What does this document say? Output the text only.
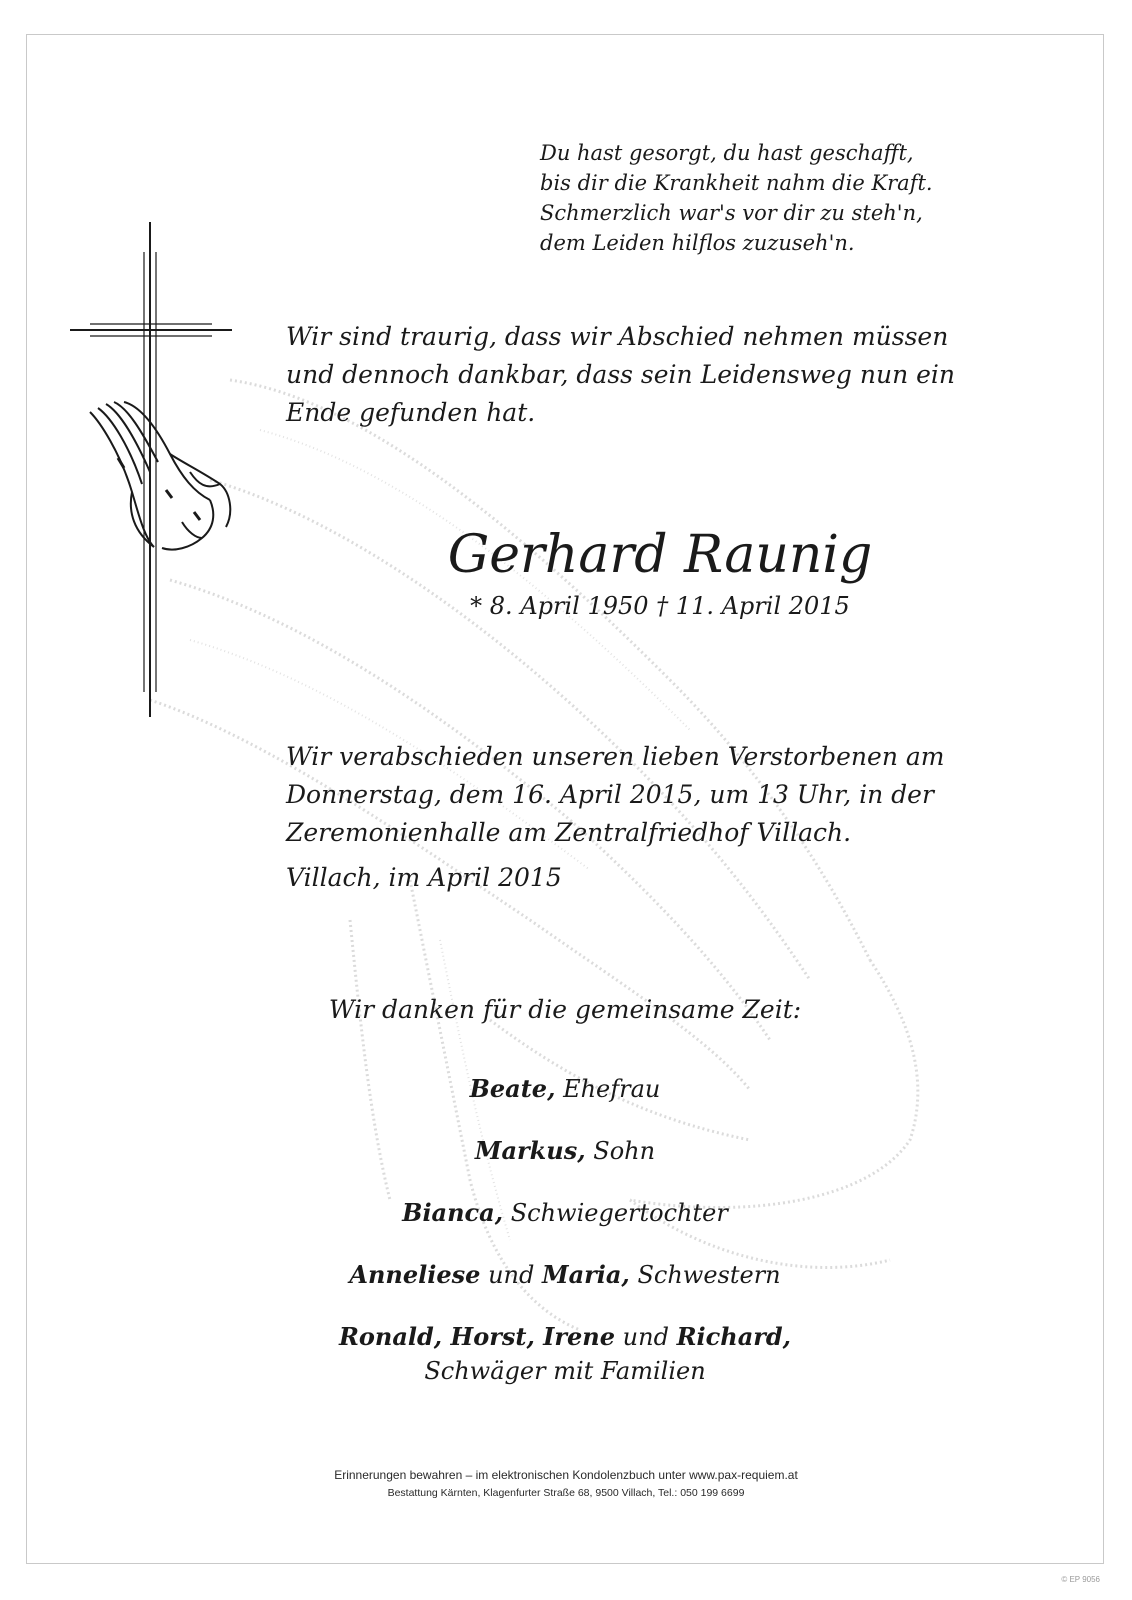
Du hast gesorgt, du hast geschafft,
bis dir die Krankheit nahm die Kraft.
Schmerzlich war's vor dir zu steh'n,
dem Leiden hilflos zuzuseh'n.
Wir sind traurig, dass wir Abschied nehmen müssen
und dennoch dankbar, dass sein Leidensweg nun ein
Ende gefunden hat.
Gerhard Raunig
* 8. April 1950 † 11. April 2015
Wir verabschieden unseren lieben Verstorbenen am
Donnerstag, dem 16. April 2015, um 13 Uhr, in der
Zeremonienhalle am Zentralfriedhof Villach.
Villach, im April 2015
Wir danken für die gemeinsame Zeit:
Beate, Ehefrau
Markus, Sohn
Bianca, Schwiegertochter
Anneliese und Maria, Schwestern
Ronald, Horst, Irene und Richard,
Schwäger mit Familien
Erinnerungen bewahren – im elektronischen Kondolenzbuch unter www.pax-requiem.at
Bestattung Kärnten, Klagenfurter Straße 68, 9500 Villach, Tel.: 050 199 6699
© EP 9056
